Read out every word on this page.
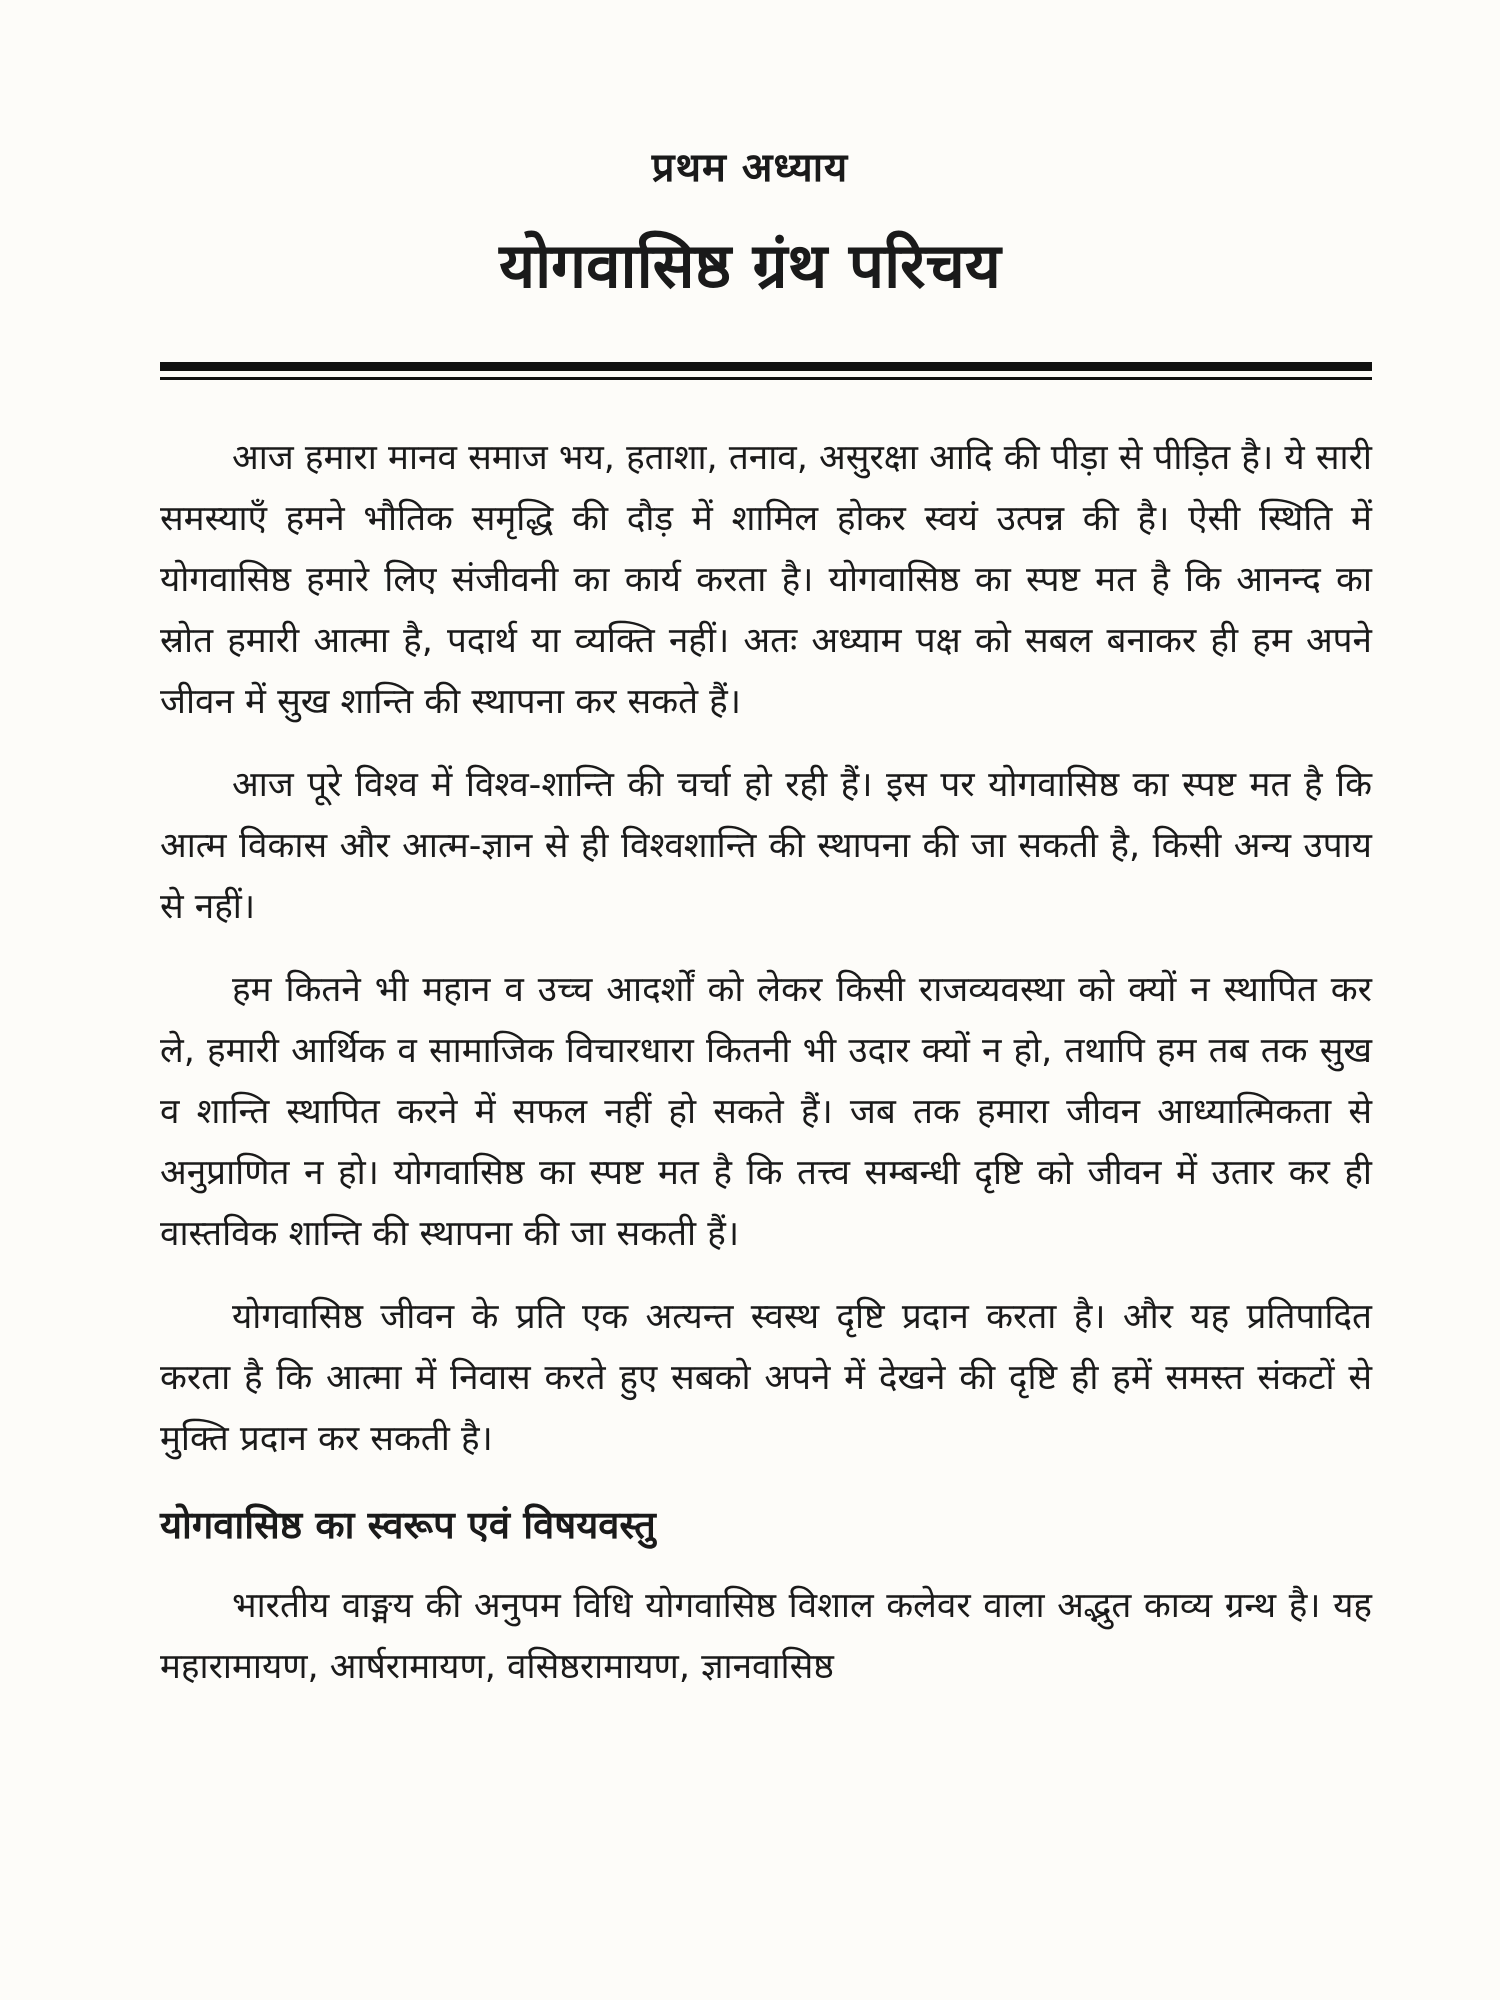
प्रथम अध्याय
योगवासिष्ठ ग्रंथ परिचय

आज हमारा मानव समाज भय, हताशा, तनाव, असुरक्षा आदि की पीड़ा से पीड़ित है। ये सारी समस्याएँ हमने भौतिक समृद्धि की दौड़ में शामिल होकर स्वयं उत्पन्न की है। ऐसी स्थिति में योगवासिष्ठ हमारे लिए संजीवनी का कार्य करता है। योगवासिष्ठ का स्पष्ट मत है कि आनन्द का स्रोत हमारी आत्मा है, पदार्थ या व्यक्ति नहीं। अतः अध्याम पक्ष को सबल बनाकर ही हम अपने जीवन में सुख शान्ति की स्थापना कर सकते हैं।

आज पूरे विश्व में विश्व-शान्ति की चर्चा हो रही हैं। इस पर योगवासिष्ठ का स्पष्ट मत है कि आत्म विकास और आत्म-ज्ञान से ही विश्वशान्ति की स्थापना की जा सकती है, किसी अन्य उपाय से नहीं।

हम कितने भी महान व उच्च आदर्शों को लेकर किसी राजव्यवस्था को क्यों न स्थापित कर ले, हमारी आर्थिक व सामाजिक विचारधारा कितनी भी उदार क्यों न हो, तथापि हम तब तक सुख व शान्ति स्थापित करने में सफल नहीं हो सकते हैं। जब तक हमारा जीवन आध्यात्मिकता से अनुप्राणित न हो। योगवासिष्ठ का स्पष्ट मत है कि तत्त्व सम्बन्धी दृष्टि को जीवन में उतार कर ही वास्तविक शान्ति की स्थापना की जा सकती हैं।

योगवासिष्ठ जीवन के प्रति एक अत्यन्त स्वस्थ दृष्टि प्रदान करता है। और यह प्रतिपादित करता है कि आत्मा में निवास करते हुए सबको अपने में देखने की दृष्टि ही हमें समस्त संकटों से मुक्ति प्रदान कर सकती है।

योगवासिष्ठ का स्वरूप एवं विषयवस्तु

भारतीय वाङ्मय की अनुपम विधि योगवासिष्ठ विशाल कलेवर वाला अद्भुत काव्य ग्रन्थ है। यह महारामायण, आर्षरामायण, वसिष्ठरामायण, ज्ञानवासिष्ठ
